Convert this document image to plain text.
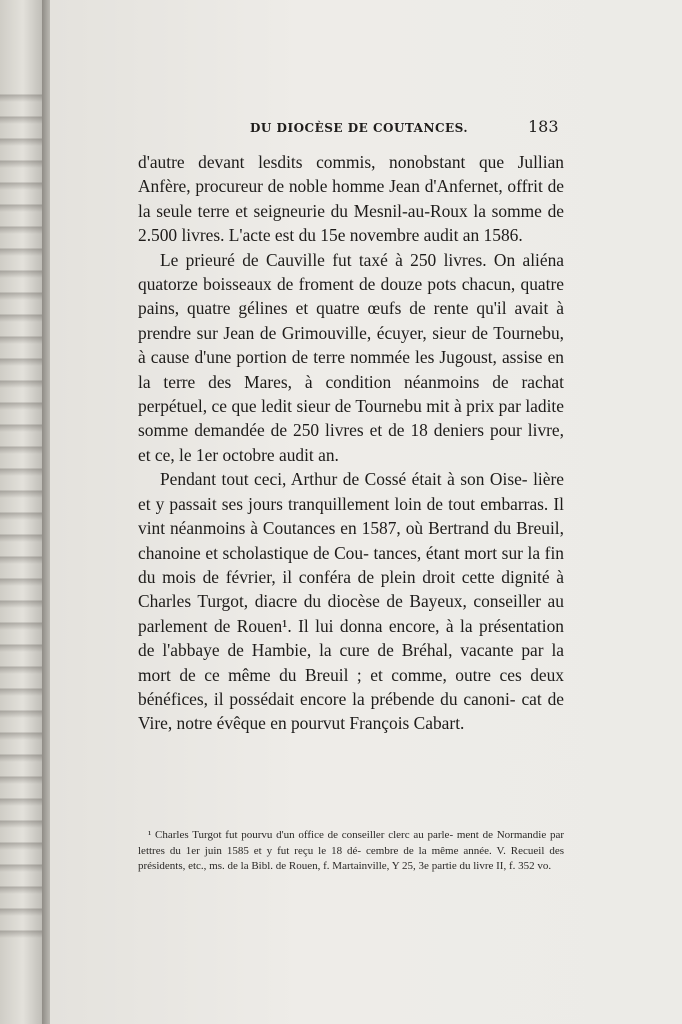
DU DIOCÈSE DE COUTANCES.	183

d'autre devant lesdits commis, nonobstant que Jullian Anfère, procureur de noble homme Jean d'Anfernet, offrit de la seule terre et seigneurie du Mesnil-au-Roux la somme de 2.500 livres. L'acte est du 15e novembre audit an 1586.

Le prieuré de Cauville fut taxé à 250 livres. On aliéna quatorze boisseaux de froment de douze pots chacun, quatre pains, quatre gélines et quatre œufs de rente qu'il avait à prendre sur Jean de Grimouville, écuyer, sieur de Tournebu, à cause d'une portion de terre nommée les Jugoust, assise en la terre des Mares, à condition néanmoins de rachat perpétuel, ce que ledit sieur de Tournebu mit à prix par ladite somme demandée de 250 livres et de 18 deniers pour livre, et ce, le 1er octobre audit an.

Pendant tout ceci, Arthur de Cossé était à son Oise- lière et y passait ses jours tranquillement loin de tout embarras. Il vint néanmoins à Coutances en 1587, où Bertrand du Breuil, chanoine et scholastique de Cou- tances, étant mort sur la fin du mois de février, il conféra de plein droit cette dignité à Charles Turgot, diacre du diocèse de Bayeux, conseiller au parlement de Rouen¹. Il lui donna encore, à la présentation de l'abbaye de Hambie, la cure de Bréhal, vacante par la mort de ce même du Breuil ; et comme, outre ces deux bénéfices, il possédait encore la prébende du canoni- cat de Vire, notre évêque en pourvut François Cabart.

¹ Charles Turgot fut pourvu d'un office de conseiller clerc au parle- ment de Normandie par lettres du 1er juin 1585 et y fut reçu le 18 dé- cembre de la même année. V. Recueil des présidents, etc., ms. de la Bibl. de Rouen, f. Martainville, Y 25, 3e partie du livre II, f. 352 vo.
